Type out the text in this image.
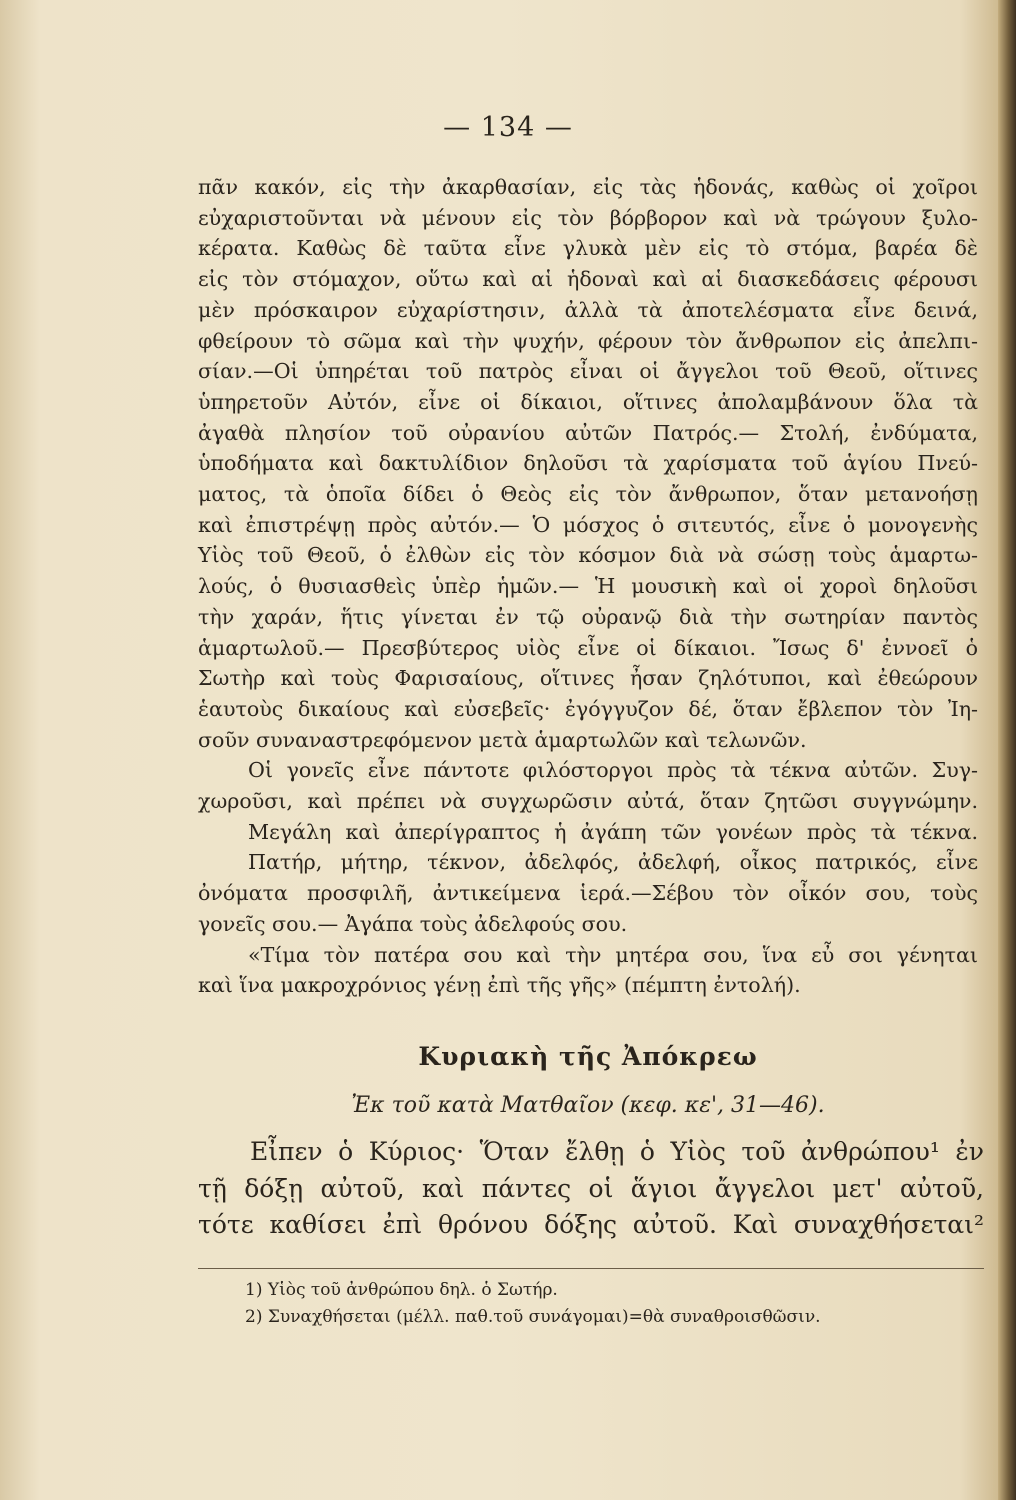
— 134 —
πᾶν κακόν, εἰς τὴν ἀκαρθασίαν, εἰς τὰς ἡδονάς, καθὼς οἱ χοῖροι
εὐχαριστοῦνται νὰ μένουν εἰς τὸν βόρβορον καὶ νὰ τρώγουν ξυλο-
κέρατα. Καθὼς δὲ ταῦτα εἶνε γλυκὰ μὲν εἰς τὸ στόμα, βαρέα δὲ
εἰς τὸν στόμαχον, οὕτω καὶ αἱ ἡδοναὶ καὶ αἱ διασκεδάσεις φέρουσι
μὲν πρόσκαιρον εὐχαρίστησιν, ἀλλὰ τὰ ἀποτελέσματα εἶνε δεινά,
φθείρουν τὸ σῶμα καὶ τὴν ψυχήν, φέρουν τὸν ἄνθρωπον εἰς ἀπελπι-
σίαν.—Οἱ ὑπηρέται τοῦ πατρὸς εἶναι οἱ ἄγγελοι τοῦ Θεοῦ, οἵτινες
ὑπηρετοῦν Αὐτόν, εἶνε οἱ δίκαιοι, οἵτινες ἀπολαμβάνουν ὅλα τὰ
ἀγαθὰ πλησίον τοῦ οὐρανίου αὐτῶν Πατρός.— Στολή, ἐνδύματα,
ὑποδήματα καὶ δακτυλίδιον δηλοῦσι τὰ χαρίσματα τοῦ ἁγίου Πνεύ-
ματος, τὰ ὁποῖα δίδει ὁ Θεὸς εἰς τὸν ἄνθρωπον, ὅταν μετανοήσῃ
καὶ ἐπιστρέψῃ πρὸς αὐτόν.— Ὁ μόσχος ὁ σιτευτός, εἶνε ὁ μονογενὴς
Υἱὸς τοῦ Θεοῦ, ὁ ἐλθὼν εἰς τὸν κόσμον διὰ νὰ σώσῃ τοὺς ἁμαρτω-
λούς, ὁ θυσιασθεὶς ὑπὲρ ἡμῶν.— Ἡ μουσικὴ καὶ οἱ χοροὶ δηλοῦσι
τὴν χαράν, ἥτις γίνεται ἐν τῷ οὐρανῷ διὰ τὴν σωτηρίαν παντὸς
ἁμαρτωλοῦ.— Πρεσβύτερος υἱὸς εἶνε οἱ δίκαιοι. Ἴσως δ' ἐννοεῖ ὁ
Σωτὴρ καὶ τοὺς Φαρισαίους, οἵτινες ἦσαν ζηλότυποι, καὶ ἐθεώρουν
ἑαυτοὺς δικαίους καὶ εὐσεβεῖς· ἐγόγγυζον δέ, ὅταν ἔβλεπον τὸν Ἰη-
σοῦν συναναστρεφόμενον μετὰ ἁμαρτωλῶν καὶ τελωνῶν.
Οἱ γονεῖς εἶνε πάντοτε φιλόστοργοι πρὸς τὰ τέκνα αὐτῶν. Συγ-
χωροῦσι, καὶ πρέπει νὰ συγχωρῶσιν αὐτά, ὅταν ζητῶσι συγγνώμην.
Μεγάλη καὶ ἀπερίγραπτος ἡ ἀγάπη τῶν γονέων πρὸς τὰ τέκνα.
Πατήρ, μήτηρ, τέκνον, ἀδελφός, ἀδελφή, οἶκος πατρικός, εἶνε
ὀνόματα προσφιλῆ, ἀντικείμενα ἱερά.—Σέβου τὸν οἶκόν σου, τοὺς
γονεῖς σου.— Ἀγάπα τοὺς ἀδελφούς σου.
«Τίμα τὸν πατέρα σου καὶ τὴν μητέρα σου, ἵνα εὖ σοι γένηται
καὶ ἵνα μακροχρόνιος γένῃ ἐπὶ τῆς γῆς» (πέμπτη ἐντολή).
Κυριακὴ τῆς Ἀπόκρεω
Ἐκ τοῦ κατὰ Ματθαῖον (κεφ. κε', 31—46).
Εἶπεν ὁ Κύριος· Ὅταν ἔλθῃ ὁ Υἱὸς τοῦ ἀνθρώπου¹ ἐν
τῇ δόξῃ αὐτοῦ, καὶ πάντες οἱ ἅγιοι ἄγγελοι μετ' αὐτοῦ,
τότε καθίσει ἐπὶ θρόνου δόξης αὐτοῦ. Καὶ συναχθήσεται²
1) Υἱὸς τοῦ ἀνθρώπου δηλ. ὁ Σωτήρ.
2) Συναχθήσεται (μέλλ. παθ.τοῦ συνάγομαι)=θὰ συναθροισθῶσιν.
